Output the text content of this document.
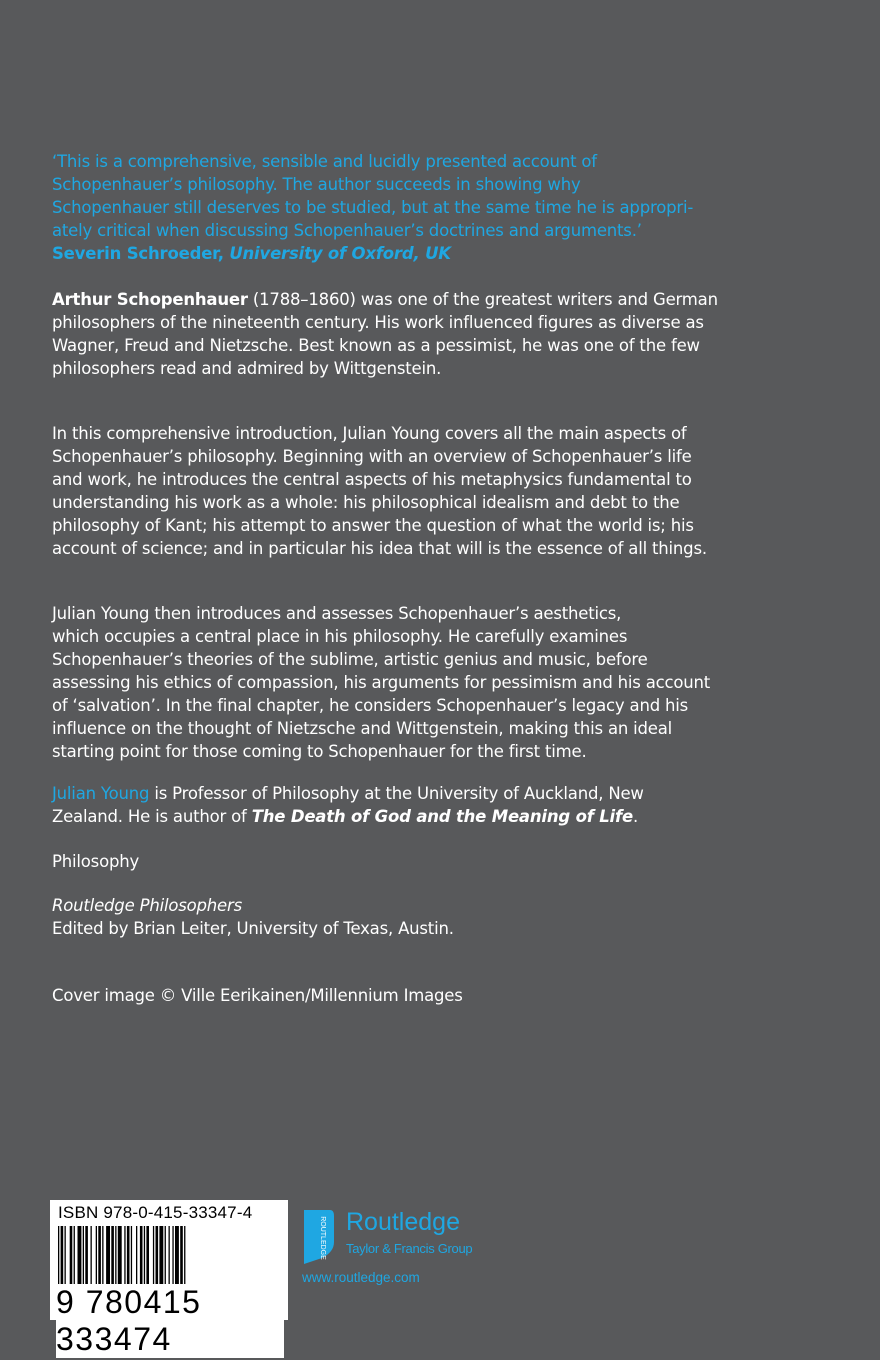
‘This is a comprehensive, sensible and lucidly presented account of
Schopenhauer’s philosophy. The author succeeds in showing why
Schopenhauer still deserves to be studied, but at the same time he is appropri-
ately critical when discussing Schopenhauer’s doctrines and arguments.’
Severin Schroeder, University of Oxford, UK
Arthur Schopenhauer (1788–1860) was one of the greatest writers and German
philosophers of the nineteenth century. His work influenced figures as diverse as
Wagner, Freud and Nietzsche. Best known as a pessimist, he was one of the few
philosophers read and admired by Wittgenstein.
In this comprehensive introduction, Julian Young covers all the main aspects of
Schopenhauer’s philosophy. Beginning with an overview of Schopenhauer’s life
and work, he introduces the central aspects of his metaphysics fundamental to
understanding his work as a whole: his philosophical idealism and debt to the
philosophy of Kant; his attempt to answer the question of what the world is; his
account of science; and in particular his idea that will is the essence of all things.
Julian Young then introduces and assesses Schopenhauer’s aesthetics,
which occupies a central place in his philosophy. He carefully examines
Schopenhauer’s theories of the sublime, artistic genius and music, before
assessing his ethics of compassion, his arguments for pessimism and his account
of ‘salvation’. In the final chapter, he considers Schopenhauer’s legacy and his
influence on the thought of Nietzsche and Wittgenstein, making this an ideal
starting point for those coming to Schopenhauer for the first time.
Julian Young is Professor of Philosophy at the University of Auckland, New
Zealand. He is author of The Death of God and the Meaning of Life.
Philosophy
Routledge Philosophers
Edited by Brian Leiter, University of Texas, Austin.
Cover image © Ville Eerikainen/Millennium Images
ISBN 978-0-415-33347-4
9 780415 333474
ROUTLEDGE Routledge
Taylor & Francis Group
www.routledge.com
